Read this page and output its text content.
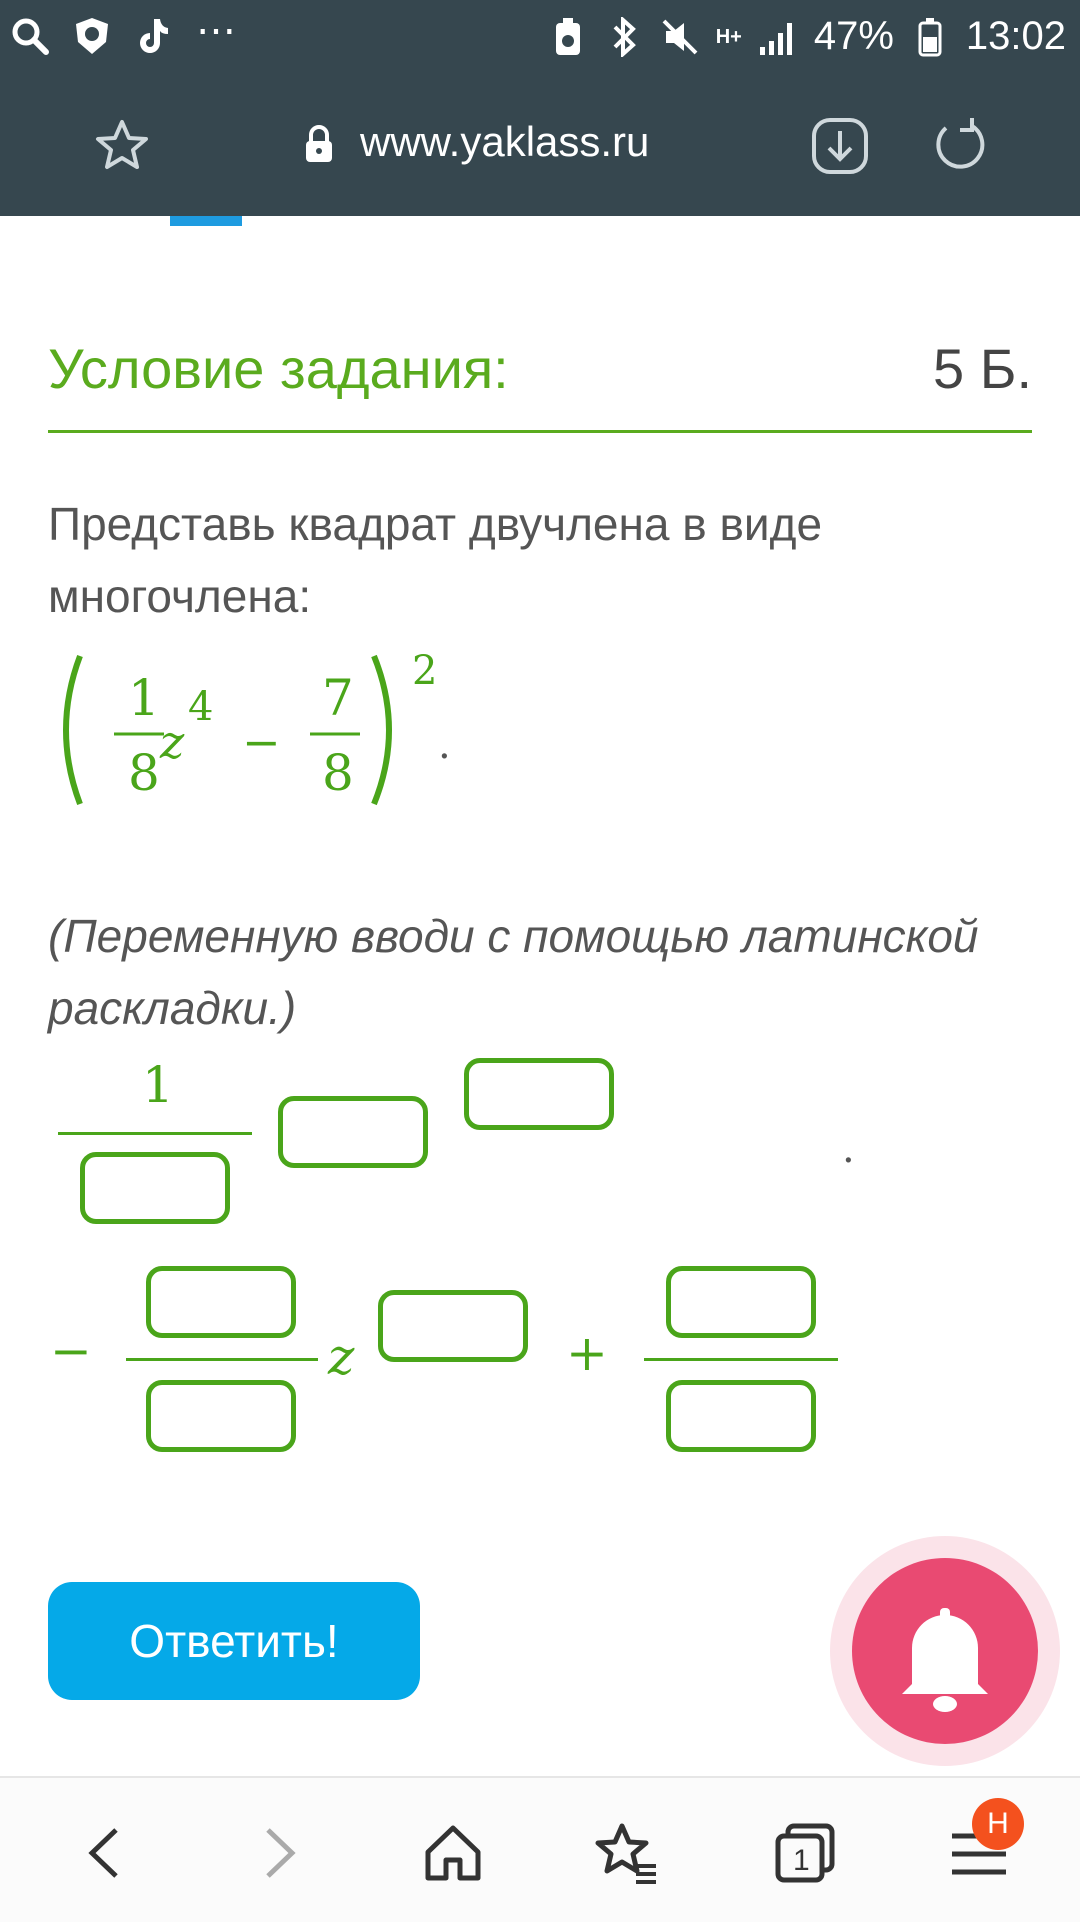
⋯	H+ 47% 13:02
www.yaklass.ru
Условие задания:	5 Б.
Представь квадрат двучлена в виде многочлена:
1
8
z
4
−
7
8
2
.
(Переменную вводи с помощью латинской раскладки.)
1
.
−	z	+
Ответить!
1
H
